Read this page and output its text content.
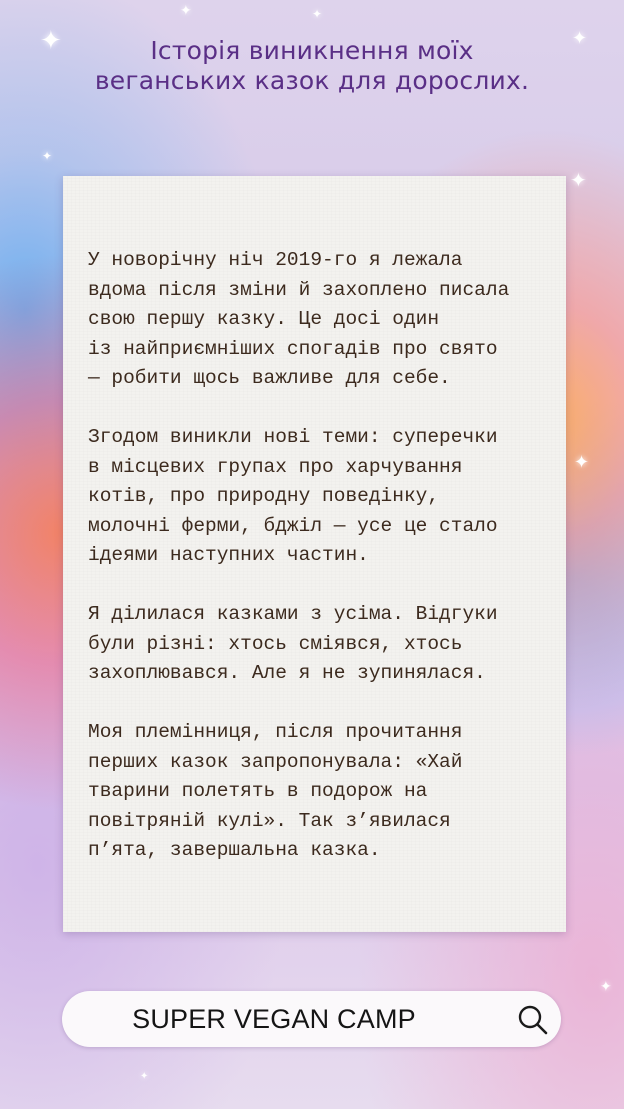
✦	✦
✦	✦
✦
✦
✦
✦
✦
Історія виникнення моїх
веганських казок для дорослих.
У новорічну ніч 2019-го я лежала
вдома після зміни й захоплено писала
свою першу казку. Це досі один
із найприємніших спогадів про свято
— робити щось важливе для себе.
Згодом виникли нові теми: суперечки
в місцевих групах про харчування
котів, про природну поведінку,
молочні ферми, бджіл — усе це стало
ідеями наступних частин.
Я ділилася казками з усіма. Відгуки
були різні: хтось сміявся, хтось
захоплювався. Але я не зупинялася.
Моя племінниця, після прочитання
перших казок запропонувала: «Хай
тварини полетять в подорож на
повітряній кулі». Так з’явилася
п’ята, завершальна казка.
SUPER VEGAN CAMP
